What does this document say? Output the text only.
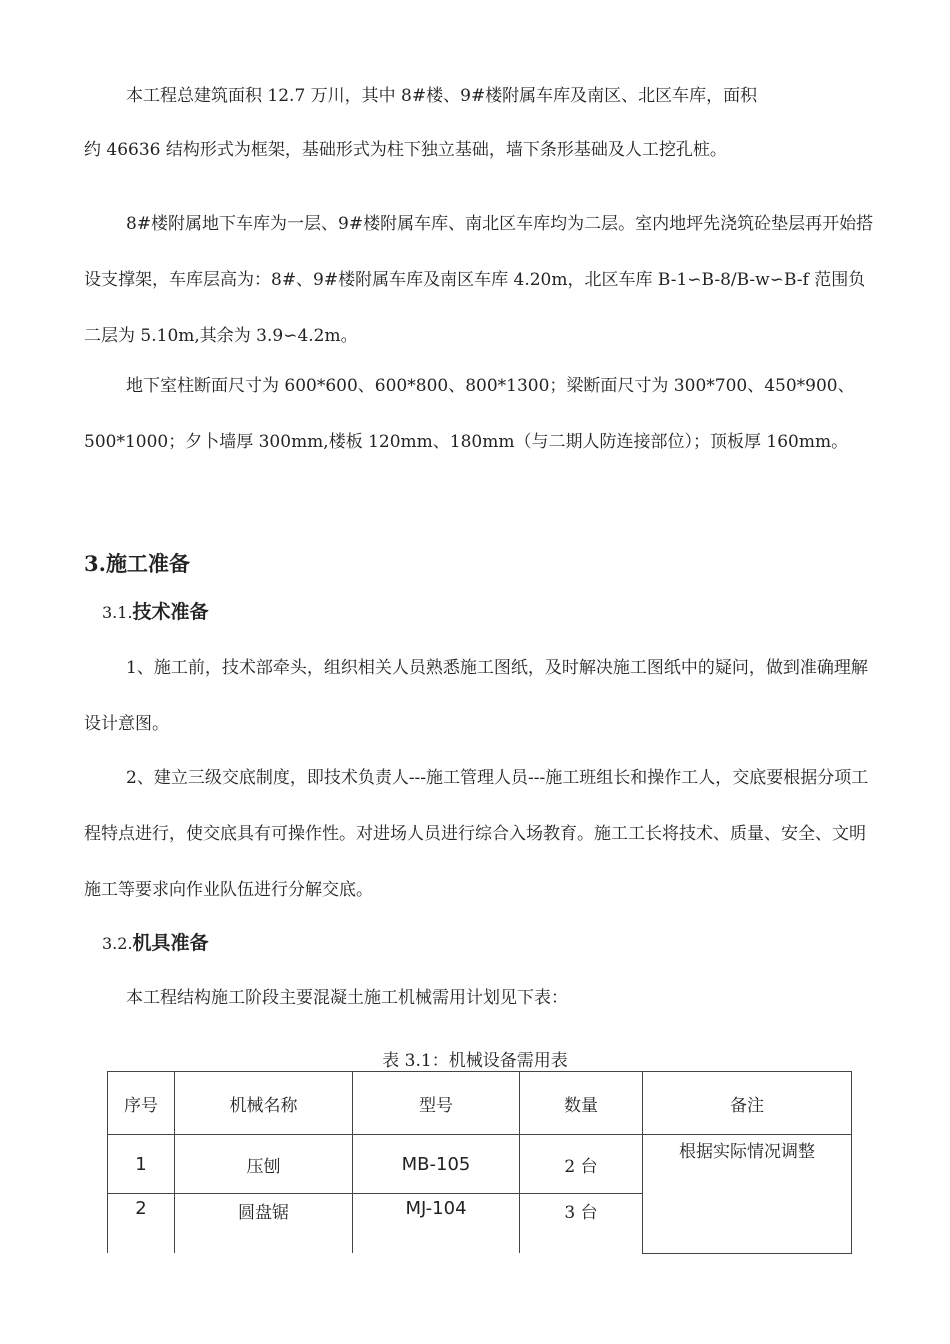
本工程总建筑面积 12.7 万川，其中 8#楼、9#楼附属车库及南区、北区车库，面积
约 46636 结构形式为框架，基础形式为柱下独立基础，墙下条形基础及人工挖孔桩。
8#楼附属地下车库为一层、9#楼附属车库、南北区车库均为二层。室内地坪先浇筑砼垫层再开始搭设支撑架，车库层高为：8#、9#楼附属车库及南区车库 4.20m，北区车库 B-1∽B-8/B-w∽B-f 范围负二层为 5.10m,其余为 3.9∽4.2m。
地下室柱断面尺寸为 600*600、600*800、800*1300；梁断面尺寸为 300*700、450*900、500*1000；夕卜墙厚 300mm,楼板 120mm、180mm（与二期人防连接部位）；顶板厚 160mm。
3.施工准备
3.1.技术准备
1、施工前，技术部牵头，组织相关人员熟悉施工图纸，及时解决施工图纸中的疑问，做到准确理解设计意图。
2、建立三级交底制度，即技术负责人---施工管理人员---施工班组长和操作工人，交底要根据分项工程特点进行，使交底具有可操作性。对进场人员进行综合入场教育。施工工长将技术、质量、安全、文明施工等要求向作业队伍进行分解交底。
3.2.机具准备
本工程结构施工阶段主要混凝土施工机械需用计划见下表：
表 3.1：机械设备需用表
序号	机械名称	型号	数量	备注
1	压刨	MB-105	2 台	根据实际情况调整
2	圆盘锯	MJ-104	3 台	
